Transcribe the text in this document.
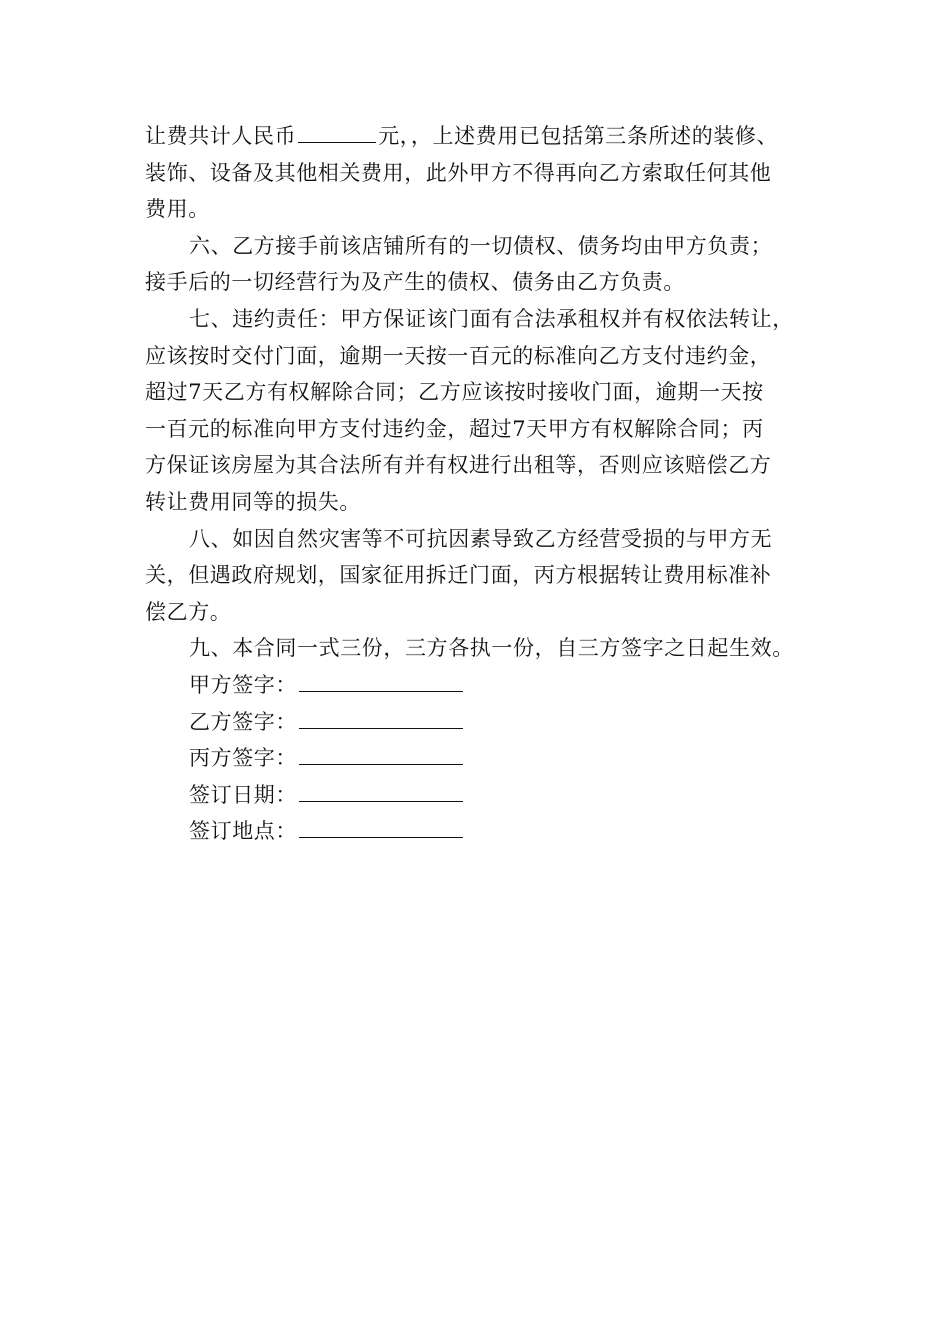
让费共计人民币	元，，上述费用已包括第三条所述的装修、
装饰、设备及其他相关费用，此外甲方不得再向乙方索取任何其他
费用。
六、乙方接手前该店铺所有的一切债权、债务均由甲方负责；
接手后的一切经营行为及产生的债权、债务由乙方负责。
七、违约责任：甲方保证该门面有合法承租权并有权依法转让，
应该按时交付门面，逾期一天按一百元的标准向乙方支付违约金，
超过7天乙方有权解除合同；乙方应该按时接收门面，逾期一天按
一百元的标准向甲方支付违约金，超过7天甲方有权解除合同；丙
方保证该房屋为其合法所有并有权进行出租等，否则应该赔偿乙方
转让费用同等的损失。
八、如因自然灾害等不可抗因素导致乙方经营受损的与甲方无
关，但遇政府规划，国家征用拆迁门面，丙方根据转让费用标准补
偿乙方。
九、本合同一式三份，三方各执一份，自三方签字之日起生效。
甲方签字：
乙方签字：
丙方签字：
签订日期：
签订地点：
